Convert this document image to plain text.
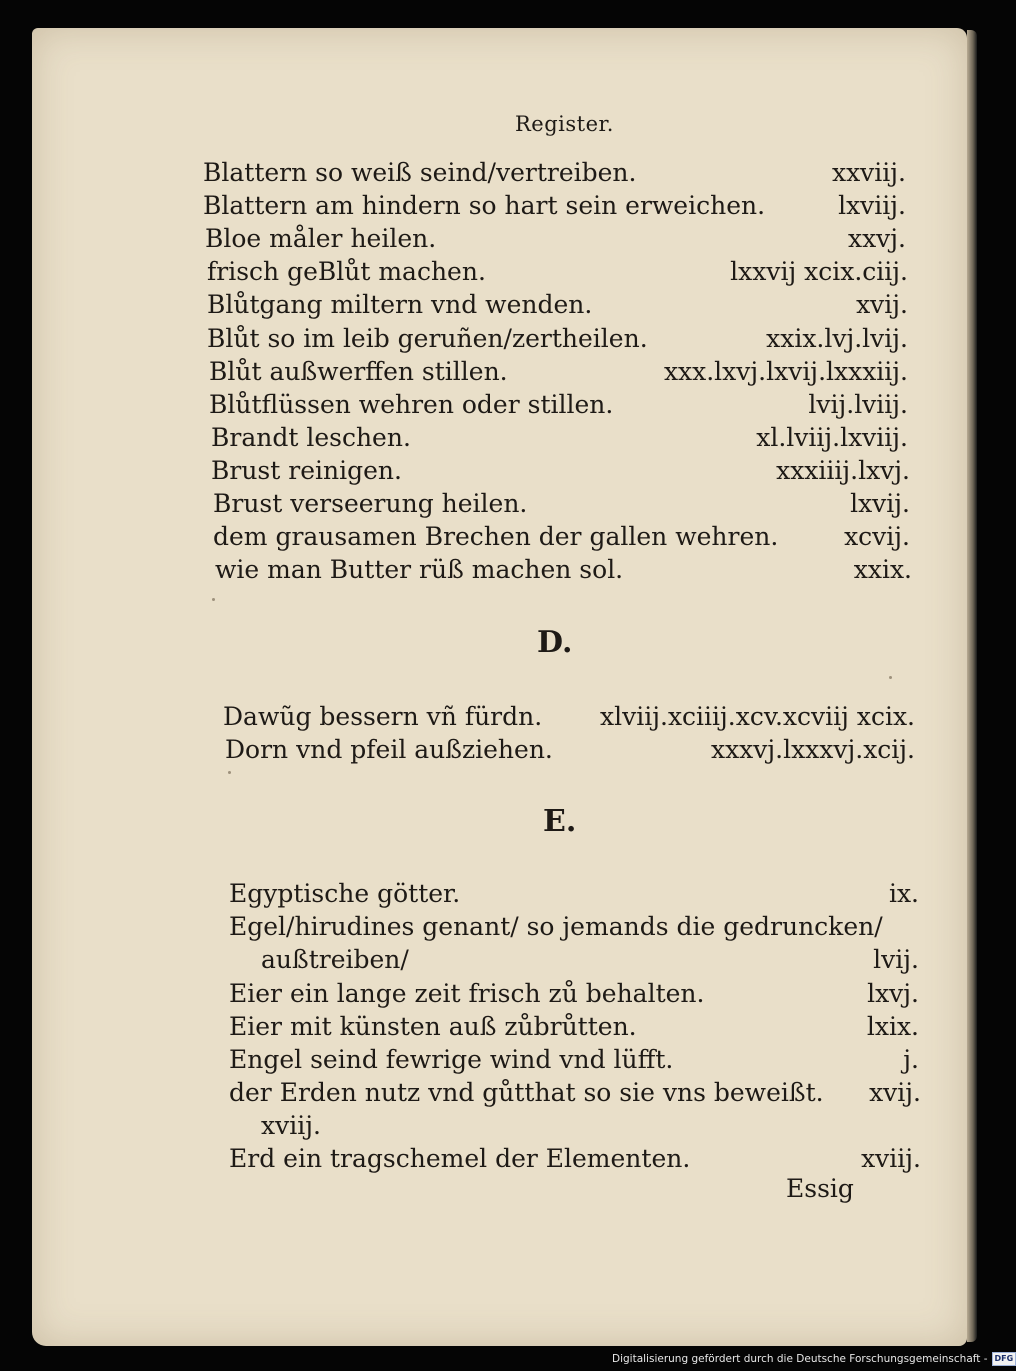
Register.
Blattern so weiß seind/vertreiben.	xxviij.
Blattern am hindern so hart sein erweichen.	lxviij.
Bloe måler heilen.	xxvj.
frisch geBlůt machen.	lxxvij xcix.ciij.
Blůtgang miltern vnd wenden.	xvij.
Blůt so im leib geruñen/zertheilen.	xxix.lvj.lvij.
Blůt außwerffen stillen.	xxx.lxvj.lxvij.lxxxiij.
Blůtflüssen wehren oder stillen.	lvij.lviij.
Brandt leschen.	xl.lviij.lxviij.
Brust reinigen.	xxxiiij.lxvj.
Brust verseerung heilen.	lxvij.
dem grausamen Brechen der gallen wehren.	xcvij.
wie man Butter rüß machen sol.	xxix.
D.
Dawũg bessern vñ fürdn. xlviij.xciiij.xcv.xcviij xcix.
Dorn vnd pfeil außziehen.	xxxvj.lxxxvj.xcij.
E.
Egyptische götter.	ix.
Egel/hirudines genant/ so jemands die gedruncken/
außtreiben/	lvij.
Eier ein lange zeit frisch zů behalten.	lxvj.
Eier mit künsten auß zůbrůtten.	lxix.
Engel seind fewrige wind vnd lüfft.	j.
der Erden nutz vnd gůtthat so sie vns beweißt. xvij.
xviij.
Erd ein tragschemel der Elementen.	xviij.
Essig
Digitalisierung gefördert durch die Deutsche Forschungsgemeinschaft - DFG
